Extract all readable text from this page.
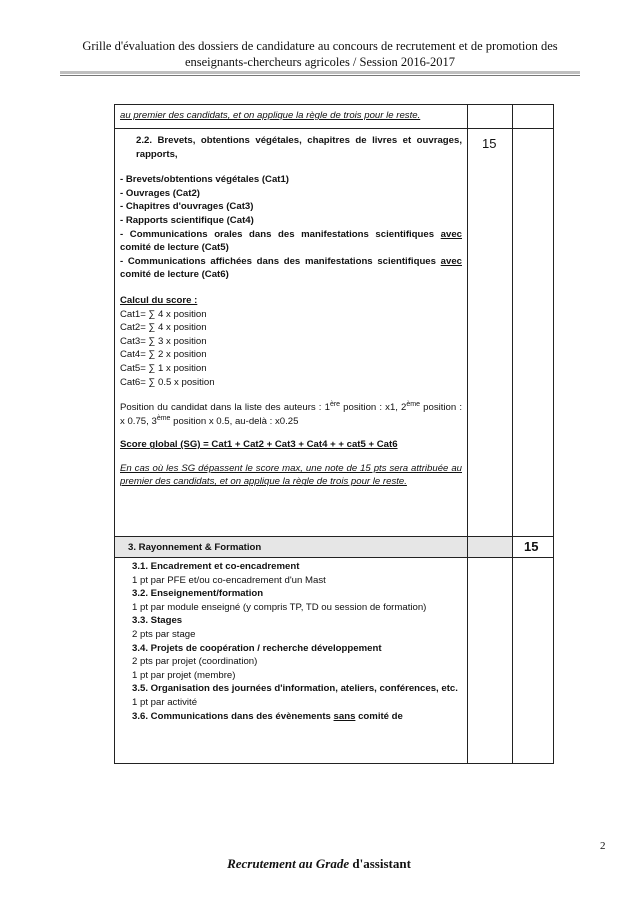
Grille d'évaluation des dossiers de candidature au concours de recrutement et de promotion des
enseignants-chercheurs agricoles / Session 2016-2017
au premier des candidats, et on applique la règle de trois pour le reste.
2.2. Brevets, obtentions végétales, chapitres de livres et ouvrages, rapports,
- Brevets/obtentions végétales (Cat1)
- Ouvrages (Cat2)
- Chapitres d'ouvrages (Cat3)
- Rapports scientifique (Cat4)
- Communications orales dans des manifestations scientifiques avec comité de lecture (Cat5)
- Communications affichées dans des manifestations scientifiques avec comité de lecture (Cat6)
Calcul du score :
Cat1= ∑ 4 x position
Cat2= ∑ 4 x position
Cat3= ∑ 3 x position
Cat4= ∑ 2 x position
Cat5= ∑ 1 x position
Cat6= ∑ 0.5 x position
Position du candidat dans la liste des auteurs : 1ère position : x1, 2ème position : x 0.75, 3ème position x 0.5, au-delà : x0.25
Score global (SG) = Cat1 + Cat2 + Cat3 + Cat4 + + cat5 + Cat6
En cas où les SG dépassent le score max, une note de 15 pts sera attribuée au premier des candidats, et on applique la règle de trois pour le reste.
15
3. Rayonnement & Formation	15
3.1. Encadrement et co-encadrement
1 pt par PFE et/ou co-encadrement d'un Mast
3.2. Enseignement/formation
1 pt par module enseigné (y compris TP, TD ou session de formation)
3.3. Stages
2 pts par stage
3.4. Projets de coopération / recherche développement
2 pts par projet (coordination)
1 pt par projet (membre)
3.5. Organisation des journées d'information, ateliers, conférences, etc.
1 pt par activité
3.6. Communications dans des évènements sans comité de
2
Recrutement au Grade d'assistant
